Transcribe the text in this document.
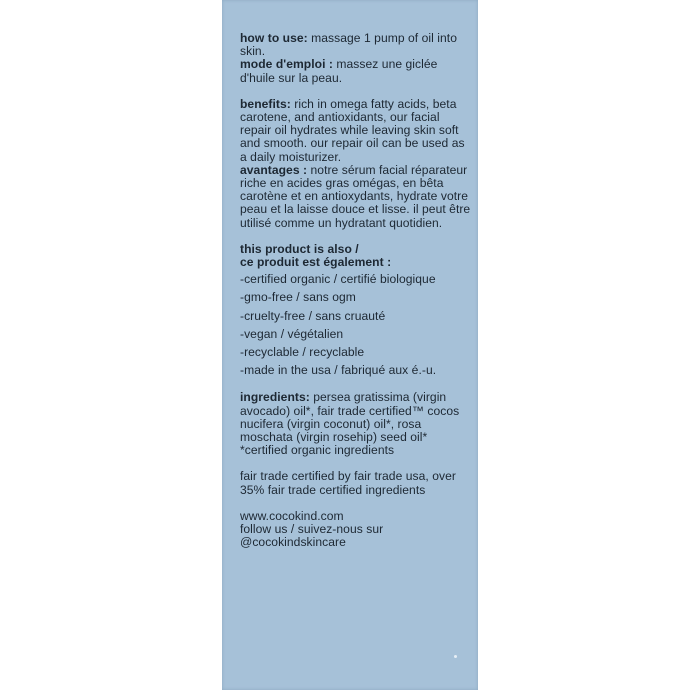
how to use: massage 1 pump of oil into skin.

mode d'emploi : massez une giclée d'huile sur la peau.

benefits: rich in omega fatty acids, beta carotene, and antioxidants, our facial repair oil hydrates while leaving skin soft and smooth. our repair oil can be used as a daily moisturizer.

avantages : notre sérum facial réparateur riche en acides gras omégas, en bêta carotène et en antioxydants, hydrate votre peau et la laisse douce et lisse. il peut être utilisé comme un hydratant quotidien.

this product is also /

ce produit est également :

-certified organic / certifié biologique

-gmo-free / sans ogm

-cruelty-free / sans cruauté

-vegan / végétalien

-recyclable / recyclable

-made in the usa / fabriqué aux é.-u.

ingredients: persea gratissima (virgin avocado) oil*, fair trade certified™ cocos nucifera (virgin coconut) oil*, rosa moschata (virgin rosehip) seed oil*

*certified organic ingredients

fair trade certified by fair trade usa, over 35% fair trade certified ingredients

www.cocokind.com

follow us / suivez-nous sur

@cocokindskincare
